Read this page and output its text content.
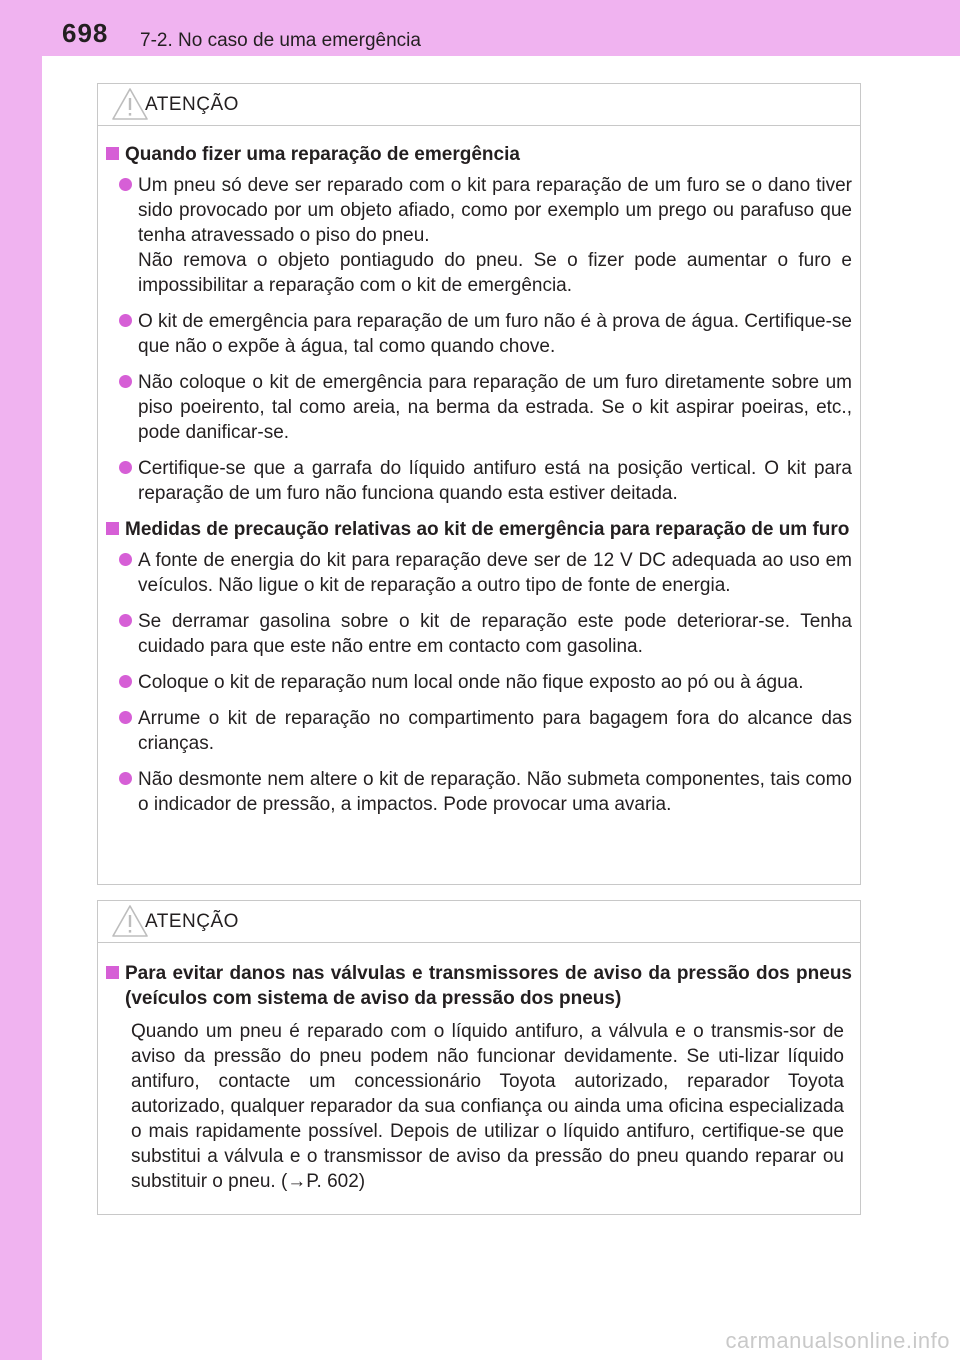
698 7-2. No caso de uma emergência
ATENÇÃO
Quando fizer uma reparação de emergência
Um pneu só deve ser reparado com o kit para reparação de um furo se o dano tiver sido provocado por um objeto afiado, como por exemplo um prego ou parafuso que tenha atravessado o piso do pneu.
Não remova o objeto pontiagudo do pneu. Se o fizer pode aumentar o furo e impossibilitar a reparação com o kit de emergência.
O kit de emergência para reparação de um furo não é à prova de água. Certifique-se que não o expõe à água, tal como quando chove.
Não coloque o kit de emergência para reparação de um furo diretamente sobre um piso poeirento, tal como areia, na berma da estrada. Se o kit aspirar poeiras, etc., pode danificar-se.
Certifique-se que a garrafa do líquido antifuro está na posição vertical. O kit para reparação de um furo não funciona quando esta estiver deitada.
Medidas de precaução relativas ao kit de emergência para reparação de um furo
A fonte de energia do kit para reparação deve ser de 12 V DC adequada ao uso em veículos. Não ligue o kit de reparação a outro tipo de fonte de energia.
Se derramar gasolina sobre o kit de reparação este pode deteriorar-se. Tenha cuidado para que este não entre em contacto com gasolina.
Coloque o kit de reparação num local onde não fique exposto ao pó ou à água.
Arrume o kit de reparação no compartimento para bagagem fora do alcance das crianças.
Não desmonte nem altere o kit de reparação. Não submeta componentes, tais como o indicador de pressão, a impactos. Pode provocar uma avaria.
ATENÇÃO
Para evitar danos nas válvulas e transmissores de aviso da pressão dos pneus (veículos com sistema de aviso da pressão dos pneus)
Quando um pneu é reparado com o líquido antifuro, a válvula e o transmis-sor de aviso da pressão do pneu podem não funcionar devidamente. Se uti-lizar líquido antifuro, contacte um concessionário Toyota autorizado, reparador Toyota autorizado, qualquer reparador da sua confiança ou ainda uma oficina especializada o mais rapidamente possível. Depois de utilizar o líquido antifuro, certifique-se que substitui a válvula e o transmissor de aviso da pressão do pneu quando reparar ou substituir o pneu. (→P. 602)
carmanualsonline.info
